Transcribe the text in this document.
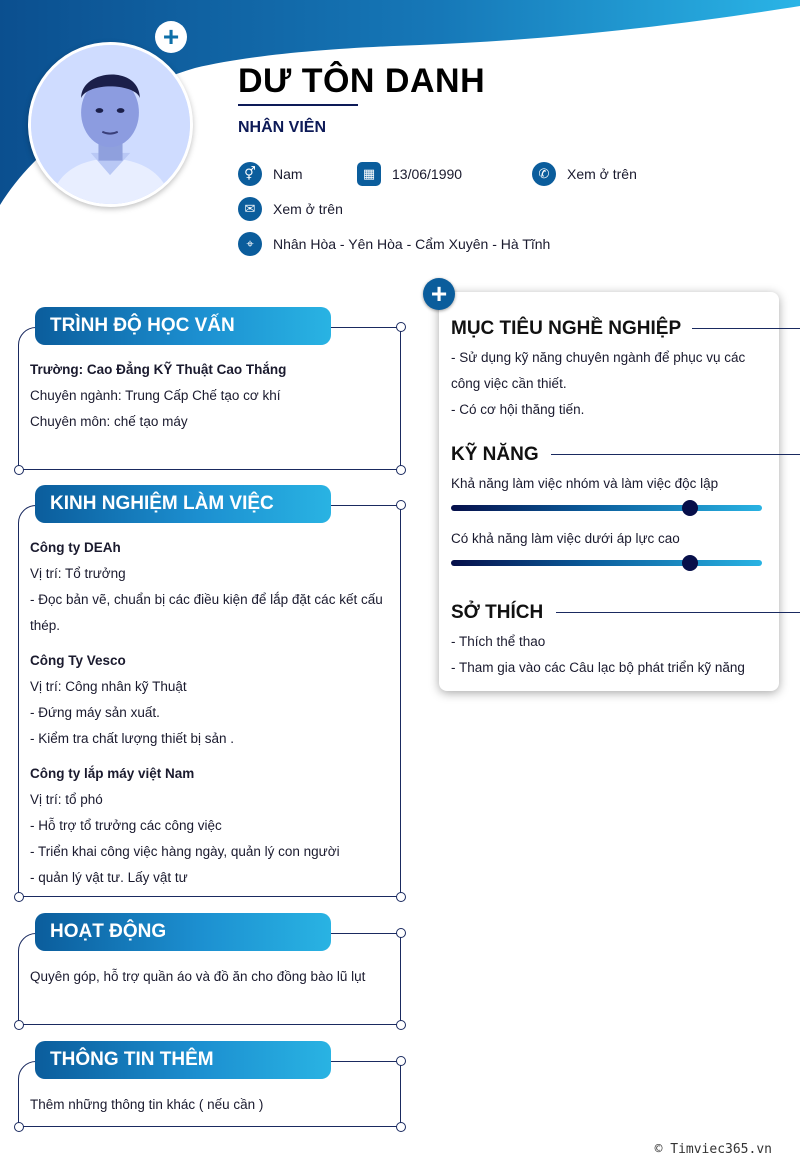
+
DƯ TÔN DANH
NHÂN VIÊN
⚥	Nam	▦	13/06/1990	✆	Xem ở trên
✉	Xem ở trên
⌖	Nhân Hòa - Yên Hòa - Cẩm Xuyên - Hà Tĩnh
TRÌNH ĐỘ HỌC VẤN
Trường: Cao Đẳng KỸ Thuật Cao Thắng
Chuyên ngành: Trung Cấp Chế tạo cơ khí
Chuyên môn: chế tạo máy
KINH NGHIỆM LÀM VIỆC
Công ty DEAh
Vị trí: Tổ trưởng
- Đọc bản vẽ, chuẩn bị các điều kiện để lắp đặt các kết cấu
thép.
Công Ty Vesco
Vị trí: Công nhân kỹ Thuật
- Đứng máy sản xuất.
- Kiểm tra chất lượng thiết bị sản .
Công ty lắp máy việt Nam
Vị trí: tổ phó
- Hỗ trợ tổ trưởng các công việc
- Triển khai công việc hàng ngày, quản lý con người
- quản lý vật tư. Lấy vật tư
HOẠT ĐỘNG
Quyên góp, hỗ trợ quần áo và đồ ăn cho đồng bào lũ lụt
THÔNG TIN THÊM
Thêm những thông tin khác ( nếu cần )
+
MỤC TIÊU NGHỀ NGHIỆP
- Sử dụng kỹ năng chuyên ngành để phục vụ các
công việc cần thiết.
- Có cơ hội thăng tiến.
KỸ NĂNG
Khả năng làm việc nhóm và làm việc độc lập
Có khả năng làm việc dưới áp lực cao
SỞ THÍCH
- Thích thể thao
- Tham gia vào các Câu lạc bộ phát triển kỹ năng
© Timviec365.vn
